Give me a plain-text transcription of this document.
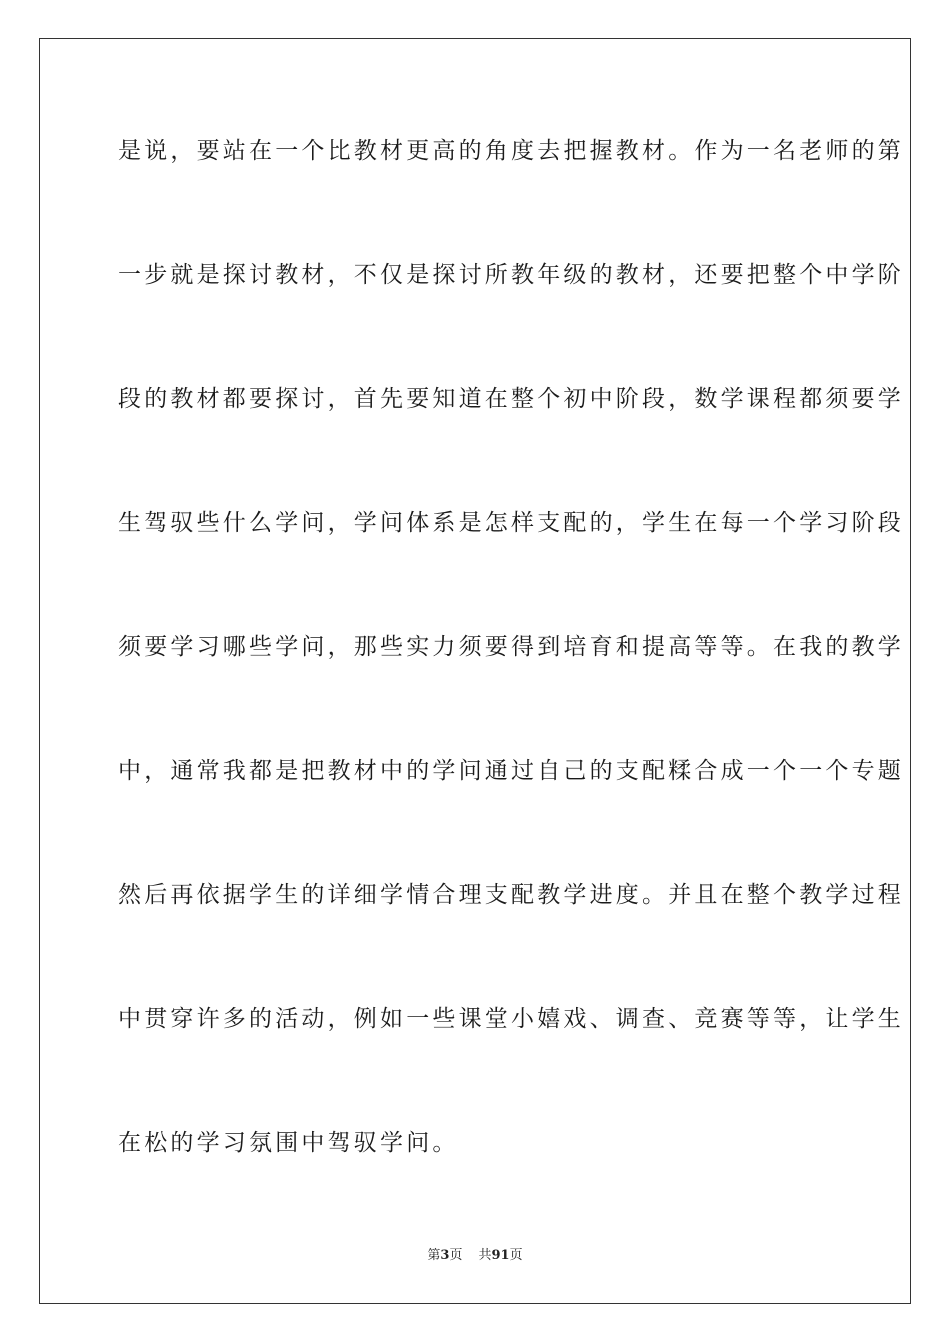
是说，要站在一个比教材更高的角度去把握教材。作为一名老师的第
一步就是探讨教材，不仅是探讨所教年级的教材，还要把整个中学阶
段的教材都要探讨，首先要知道在整个初中阶段，数学课程都须要学
生驾驭些什么学问，学问体系是怎样支配的，学生在每一个学习阶段
须要学习哪些学问，那些实力须要得到培育和提高等等。在我的教学
中，通常我都是把教材中的学问通过自己的支配糅合成一个一个专题
然后再依据学生的详细学情合理支配教学进度。并且在整个教学过程
中贯穿许多的活动，例如一些课堂小嬉戏、调查、竞赛等等，让学生
在松的学习氛围中驾驭学问。
第3页 共91页
